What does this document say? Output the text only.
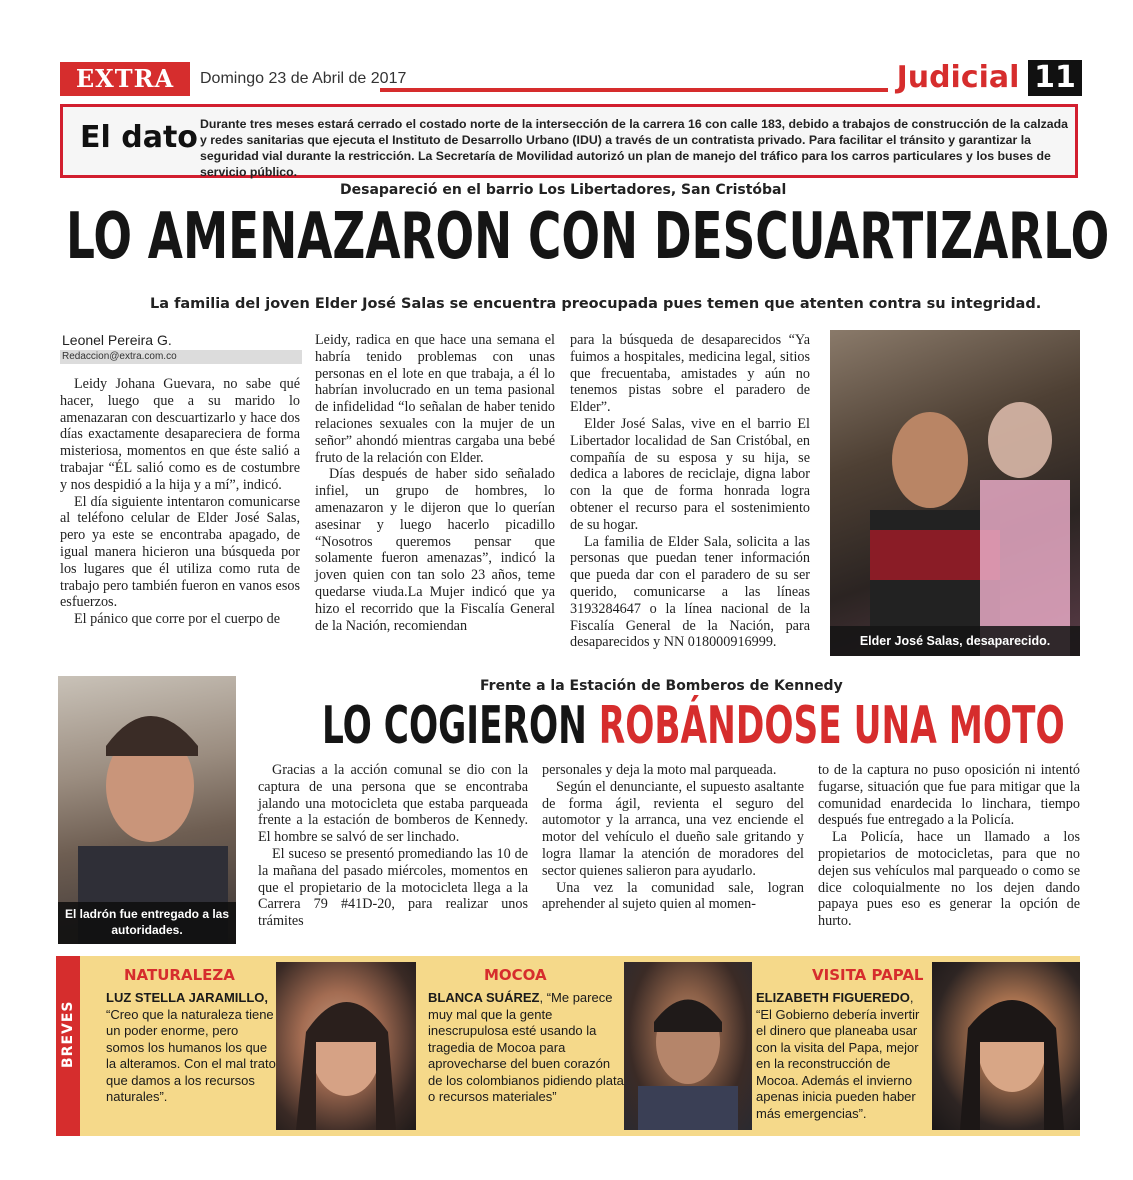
EXTRA	Domingo 23 de Abril de 2017	Judicial 11
El dato Durante tres meses estará cerrado el costado norte de la intersección de la carrera 16 con calle 183, debido a trabajos de construcción de la calzada y redes sanitarias que ejecuta el Instituto de Desarrollo Urbano (IDU) a través de un contratista privado. Para facilitar el tránsito y garantizar la seguridad vial durante la restricción. La Secretaría de Movilidad autorizó un plan de manejo del tráfico para los carros particulares y los buses de servicio público.
Desapareció en el barrio Los Libertadores, San Cristóbal
LO AMENAZARON CON DESCUARTIZARLO
La familia del joven Elder José Salas se encuentra preocupada pues temen que atenten contra su integridad.
Leonel Pereira G.
Redaccion@extra.com.co

Leidy Johana Guevara, no sabe qué hacer, luego que a su marido lo amenazaran con descuartizarlo y hace dos días exactamente desapareciera de forma misteriosa, momentos en que éste salió a trabajar “ÉL salió como es de costumbre y nos despidió a la hija y a mí”, indicó.

El día siguiente intentaron comunicarse al teléfono celular de Elder José Salas, pero ya este se encontraba apagado, de igual manera hicieron una búsqueda por los lugares que él utiliza como ruta de trabajo pero también fueron en vanos esos esfuerzos.

El pánico que corre por el cuerpo de

Leidy, radica en que hace una semana el habría tenido problemas con unas personas en el lote en que trabaja, a él lo habrían involucrado en un tema pasional de infidelidad “lo señalan de haber tenido relaciones sexuales con la mujer de un señor” ahondó mientras cargaba una bebé fruto de la relación con Elder.

Días después de haber sido señalado infiel, un grupo de hombres, lo amenazaron y le dijeron que lo querían asesinar y luego hacerlo picadillo “Nosotros queremos pensar que solamente fueron amenazas”, indicó la joven quien con tan solo 23 años, teme quedarse viuda.La Mujer indicó que ya hizo el recorrido que la Fiscalía General de la Nación, recomiendan

para la búsqueda de desaparecidos “Ya fuimos a hospitales, medicina legal, sitios que frecuentaba, amistades y aún no tenemos pistas sobre el paradero de Elder”.

Elder José Salas, vive en el barrio El Libertador localidad de San Cristóbal, en compañía de su esposa y su hija, se dedica a labores de reciclaje, digna labor con la que de forma honrada logra obtener el recurso para el sostenimiento de su hogar.

La familia de Elder Sala, solicita a las personas que puedan tener información que pueda dar con el paradero de su ser querido, comunicarse a las líneas 3193284647 o la línea nacional de la Fiscalía General de la Nación, para desaparecidos y NN 018000916999.	Elder José Salas, desaparecido.
El ladrón fue entregado a las autoridades.
Frente a la Estación de Bomberos de Kennedy
LO COGIERON ROBÁNDOSE UNA MOTO

Gracias a la acción comunal se dio con la captura de una persona que se encontraba jalando una motocicleta que estaba parqueada frente a la estación de bomberos de Kennedy. El hombre se salvó de ser linchado.

El suceso se presentó promediando las 10 de la mañana del pasado miércoles, momentos en que el propietario de la motocicleta llega a la Carrera 79 #41D-20, para realizar unos trámites

personales y deja la moto mal parqueada.

Según el denunciante, el supuesto asaltante de forma ágil, revienta el seguro del automotor y la arranca, una vez enciende el motor del vehículo el dueño sale gritando y logra llamar la atención de moradores del sector quienes salieron para ayudarlo.

Una vez la comunidad sale, logran aprehender al sujeto quien al momen-

to de la captura no puso oposición ni intentó fugarse, situación que fue para mitigar que la comunidad enardecida lo linchara, tiempo después fue entregado a la Policía.

La Policía, hace un llamado a los propietarios de motocicletas, para que no dejen sus vehículos mal parqueado o como se dice coloquialmente no los dejen dando papaya pues eso es generar la opción de hurto.

BREVES
NATURALEZA
LUZ STELLA JARAMILLO, “Creo que la naturaleza tiene un poder enorme, pero somos los humanos los que la alteramos. Con el mal trato que damos a los recursos naturales”.
MOCOA
BLANCA SUÁREZ, “Me parece muy mal que la gente inescrupulosa esté usando la tragedia de Mocoa para aprovecharse del buen corazón de los colombianos pidiendo plata o recursos materiales”
VISITA PAPAL
ELIZABETH FIGUEREDO, “El Gobierno debería invertir el dinero que planeaba usar con la visita del Papa, mejor en la reconstrucción de Mocoa. Además el invierno apenas inicia pueden haber más emergencias”.
